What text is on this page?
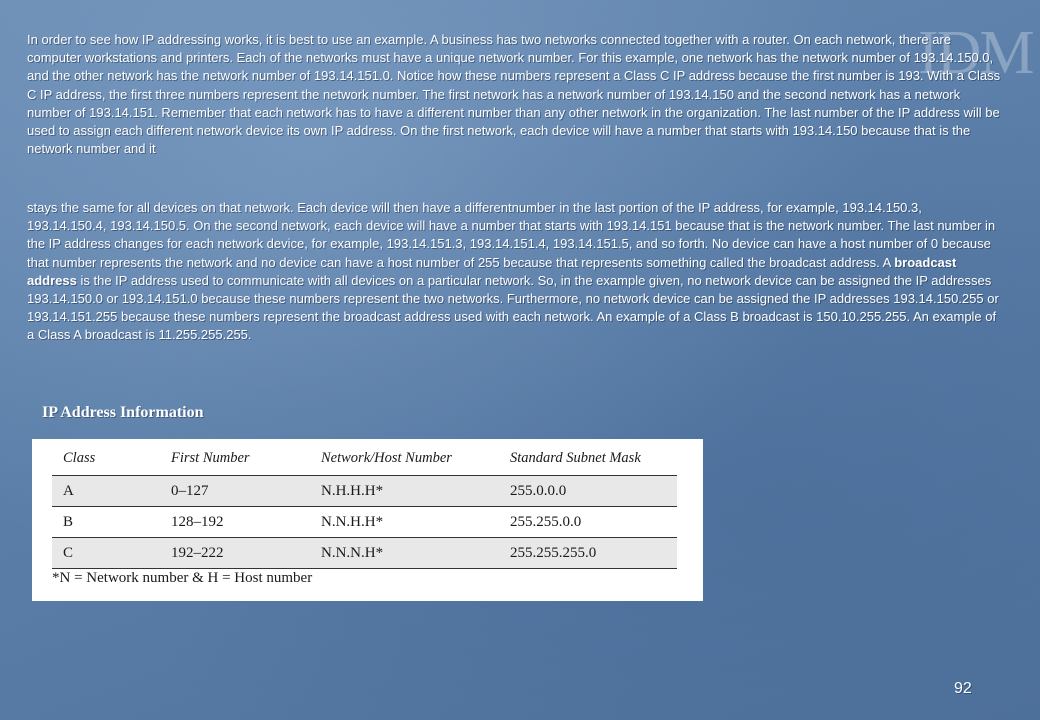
IDM
In order to see how IP addressing works, it is best to use an example. A business has two networks connected together with a router. On each network, there are computer workstations and printers. Each of the networks must have a unique network number. For this example, one network has the network number of 193.14.150.0, and the other network has the network number of 193.14.151.0. Notice how these numbers represent a Class C IP address because the first number is 193. With a Class C IP address, the first three numbers represent the network number. The first network has a network number of 193.14.150 and the second network has a network number of 193.14.151. Remember that each network has to have a different number than any other network in the organization. The last number of the IP address will be used to assign each different network device its own IP address. On the first network, each device will have a number that starts with 193.14.150 because that is the network number and it
stays the same for all devices on that network. Each device will then have a differentnumber in the last portion of the IP address, for example, 193.14.150.3, 193.14.150.4, 193.14.150.5. On the second network, each device will have a number that starts with 193.14.151 because that is the network number. The last number in the IP address changes for each network device, for example, 193.14.151.3, 193.14.151.4, 193.14.151.5, and so forth. No device can have a host number of 0 because that number represents the network and no device can have a host number of 255 because that represents something called the broadcast address. A broadcast address is the IP address used to communicate with all devices on a particular network. So, in the example given, no network device can be assigned the IP addresses 193.14.150.0 or 193.14.151.0 because these numbers represent the two networks. Furthermore, no network device can be assigned the IP addresses 193.14.150.255 or 193.14.151.255 because these numbers represent the broadcast address used with each network. An example of a Class B broadcast is 150.10.255.255. An example of a Class A broadcast is 11.255.255.255.
IP Address Information
Class	First Number	Network/Host Number	Standard Subnet Mask
A	0–127	N.H.H.H*	255.0.0.0
B	128–192	N.N.H.H*	255.255.0.0
C	192–222	N.N.N.H*	255.255.255.0
*N = Network number & H = Host number
92
